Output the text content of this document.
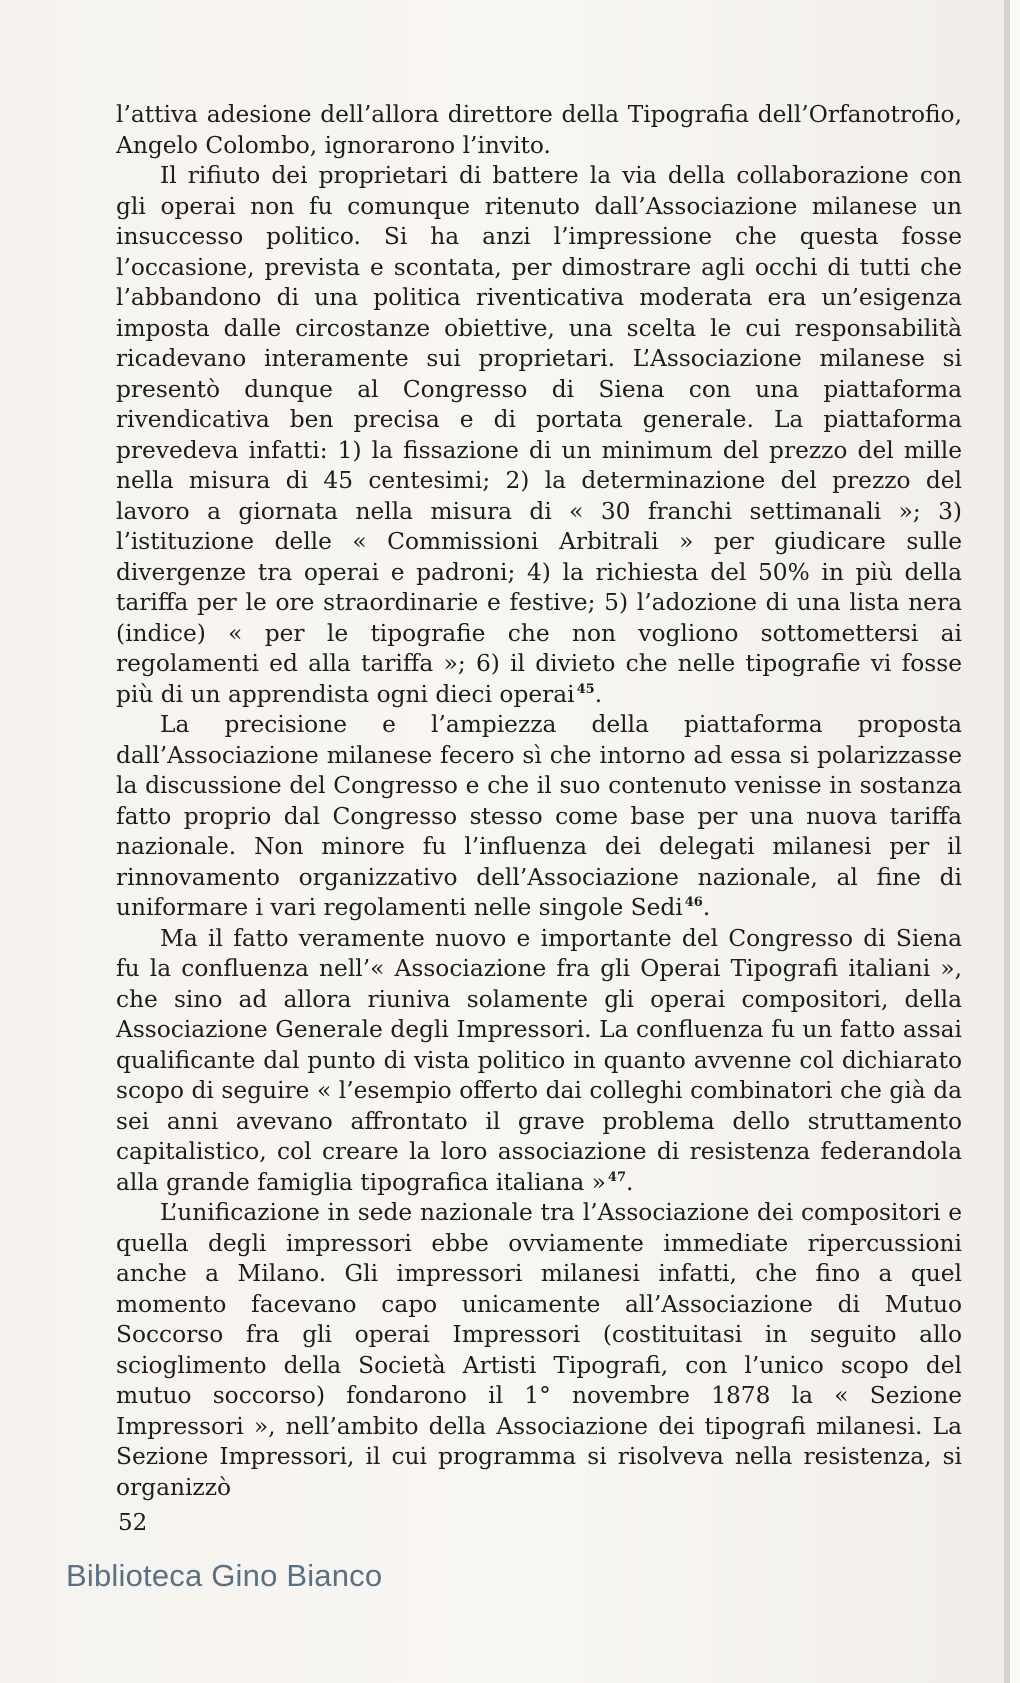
l’attiva adesione dell’allora direttore della Tipografia dell’Orfanotrofio, Angelo Colombo, ignorarono l’invito.

Il rifiuto dei proprietari di battere la via della collaborazione con gli operai non fu comunque ritenuto dall’Associazione milanese un insuccesso politico. Si ha anzi l’impressione che questa fosse l’occasione, prevista e scontata, per dimostrare agli occhi di tutti che l’abbandono di una politica riventicativa moderata era un’esigenza imposta dalle circostanze obiettive, una scelta le cui responsabilità ricadevano interamente sui proprietari. L’Associazione milanese si presentò dunque al Congresso di Siena con una piattaforma rivendicativa ben precisa e di portata generale. La piattaforma prevedeva infatti: 1) la fissazione di un minimum del prezzo del mille nella misura di 45 centesimi; 2) la determinazione del prezzo del lavoro a giornata nella misura di « 30 franchi settimanali »; 3) l’istituzione delle « Commissioni Arbitrali » per giudicare sulle divergenze tra operai e padroni; 4) la richiesta del 50% in più della tariffa per le ore straordinarie e festive; 5) l’adozione di una lista nera (indice) « per le tipografie che non vogliono sottomettersi ai regolamenti ed alla tariffa »; 6) il divieto che nelle tipografie vi fosse più di un apprendista ogni dieci operai $^{45}$.

La precisione e l’ampiezza della piattaforma proposta dall’Associazione milanese fecero sì che intorno ad essa si polarizzasse la discussione del Congresso e che il suo contenuto venisse in sostanza fatto proprio dal Congresso stesso come base per una nuova tariffa nazionale. Non minore fu l’influenza dei delegati milanesi per il rinnovamento organizzativo dell’Associazione nazionale, al fine di uniformare i vari regolamenti nelle singole Sedi $^{46}$.

Ma il fatto veramente nuovo e importante del Congresso di Siena fu la confluenza nell’« Associazione fra gli Operai Tipografi italiani », che sino ad allora riuniva solamente gli operai compositori, della Associazione Generale degli Impressori. La confluenza fu un fatto assai qualificante dal punto di vista politico in quanto avvenne col dichiarato scopo di seguire « l’esempio offerto dai colleghi combinatori che già da sei anni avevano affrontato il grave problema dello struttamento capitalistico, col creare la loro associazione di resistenza federandola alla grande famiglia tipografica italiana » $^{47}$.

L’unificazione in sede nazionale tra l’Associazione dei compositori e quella degli impressori ebbe ovviamente immediate ripercussioni anche a Milano. Gli impressori milanesi infatti, che fino a quel momento facevano capo unicamente all’Associazione di Mutuo Soccorso fra gli operai Impressori (costituitasi in seguito allo scioglimento della Società Artisti Tipografi, con l’unico scopo del mutuo soccorso) fondarono il 1° novembre 1878 la « Sezione Impressori », nell’ambito della Associazione dei tipografi milanesi. La Sezione Impressori, il cui programma si risolveva nella resistenza, si organizzò

52
Biblioteca Gino Bianco
